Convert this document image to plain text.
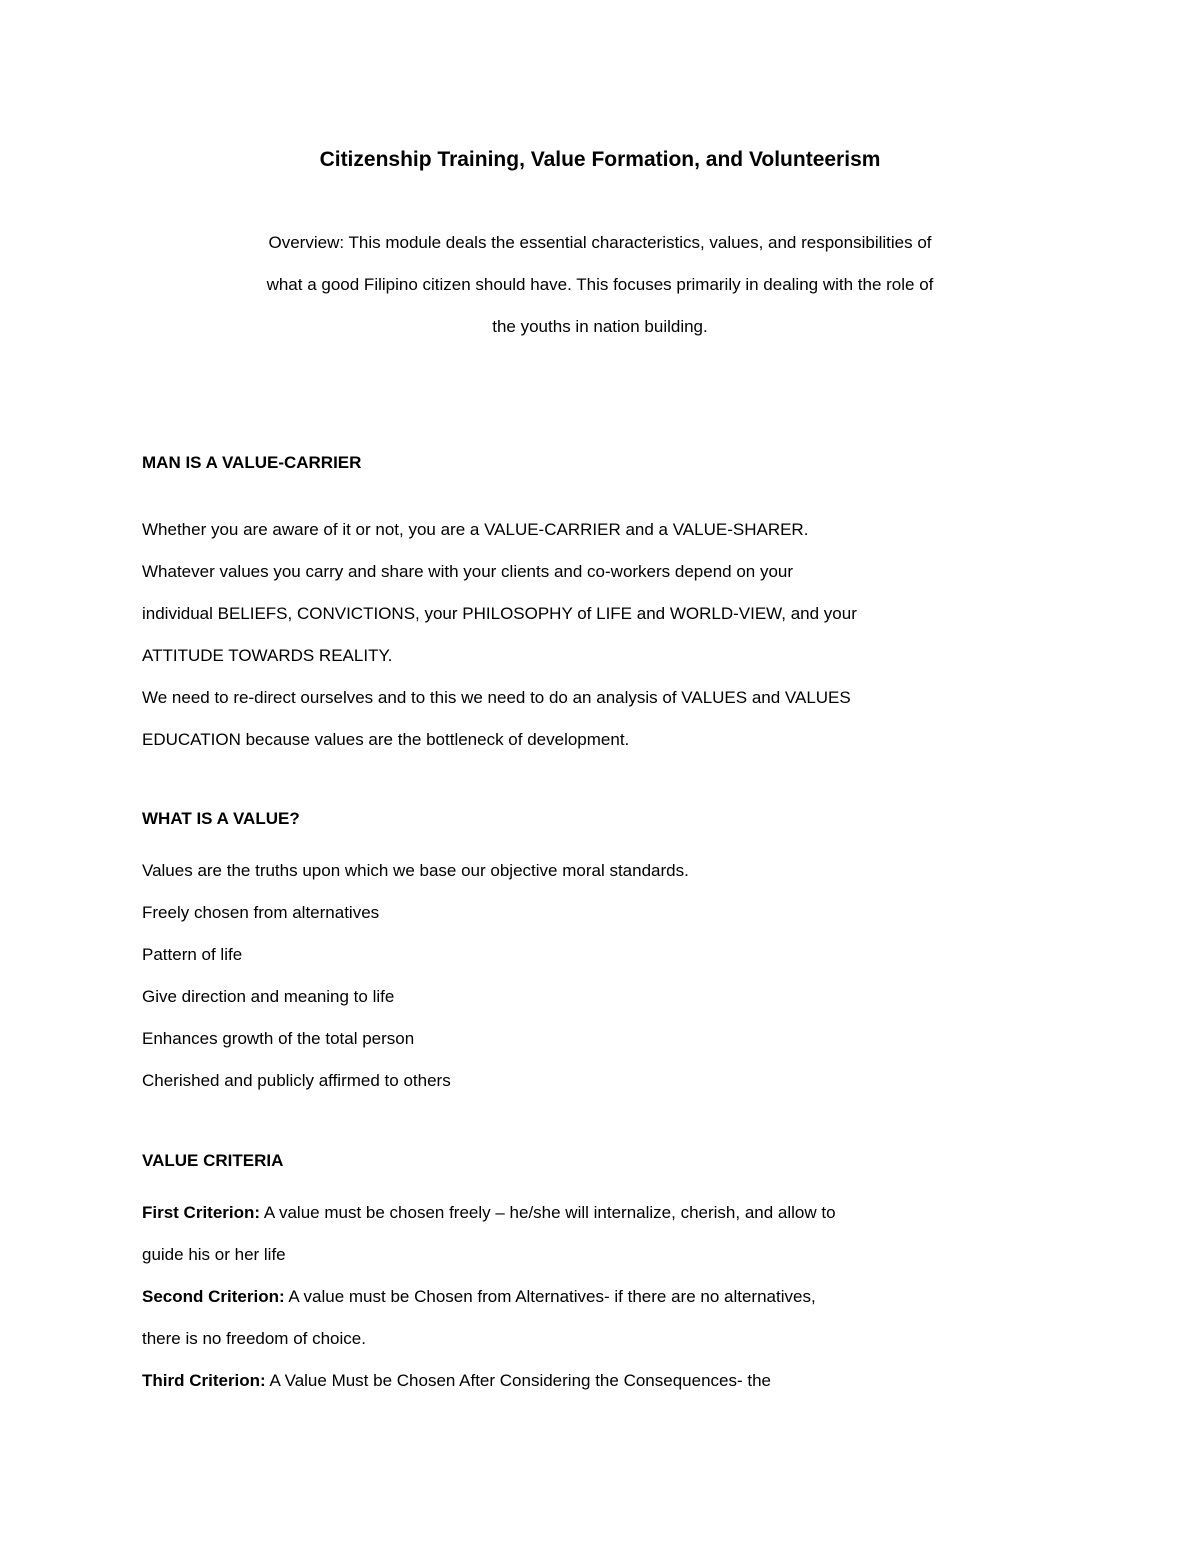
Citizenship Training, Value Formation, and Volunteerism
Overview: This module deals the essential characteristics, values, and responsibilities of
what a good Filipino citizen should have. This focuses primarily in dealing with the role of
the youths in nation building.
MAN IS A VALUE-CARRIER
Whether you are aware of it or not, you are a VALUE-CARRIER and a VALUE-SHARER.
Whatever values you carry and share with your clients and co-workers depend on your
individual BELIEFS, CONVICTIONS, your PHILOSOPHY of LIFE and WORLD-VIEW, and your
ATTITUDE TOWARDS REALITY.
We need to re-direct ourselves and to this we need to do an analysis of VALUES and VALUES
EDUCATION because values are the bottleneck of development.
WHAT IS A VALUE?
Values are the truths upon which we base our objective moral standards.
Freely chosen from alternatives
Pattern of life
Give direction and meaning to life
Enhances growth of the total person
Cherished and publicly affirmed to others
VALUE CRITERIA
First Criterion: A value must be chosen freely – he/she will internalize, cherish, and allow to
guide his or her life
Second Criterion: A value must be Chosen from Alternatives- if there are no alternatives,
there is no freedom of choice.
Third Criterion: A Value Must be Chosen After Considering the Consequences- the
